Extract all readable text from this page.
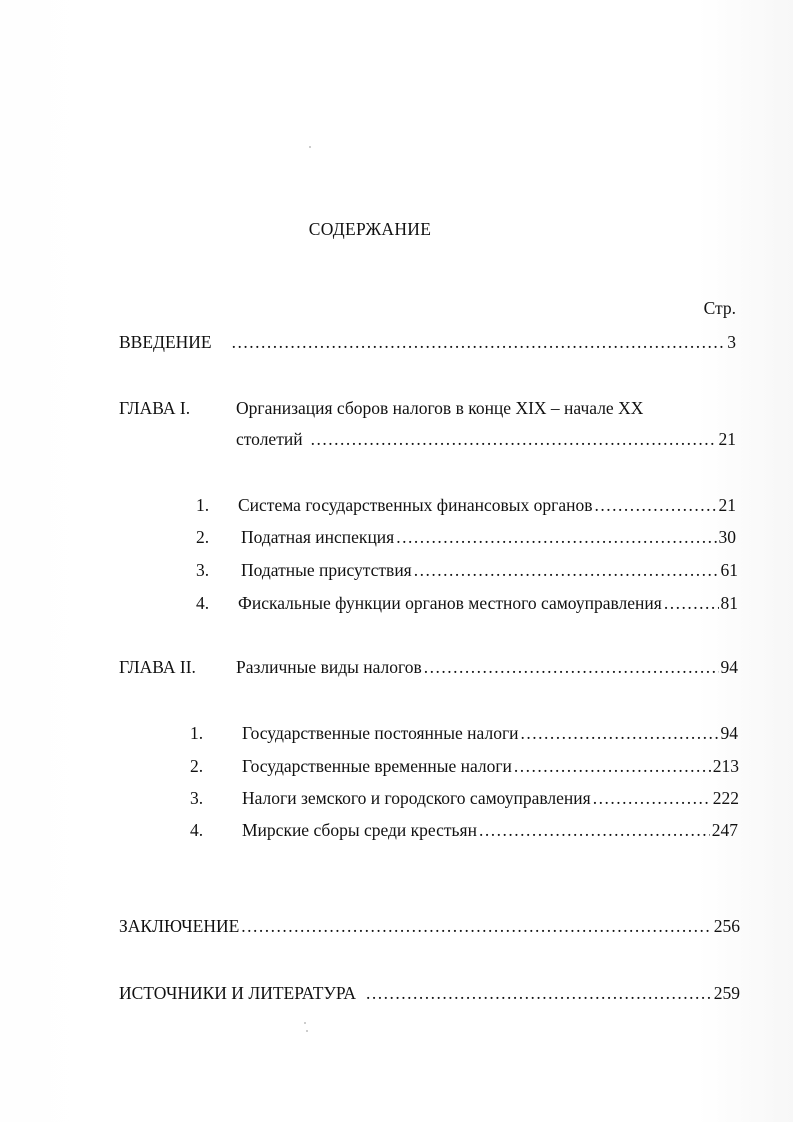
СОДЕРЖАНИЕ
Стр.
ВВЕДЕНИЕ .....	3
ГЛАВА I.	Организация сборов налогов в конце XIX – начале XX
столетий .....	21
1. Система государственных финансовых органов .....	21
2. Податная инспекция .....	30
3. Податные присутствия .....	61
4. Фискальные функции органов местного самоуправления .....	81
ГЛАВА II. Различные виды налогов .....	94
1. Государственные постоянные налоги .....	94
2. Государственные временные налоги .....	213
3. Налоги земского и городского самоуправления .....	222
4. Мирские сборы среди крестьян .....	247
ЗАКЛЮЧЕНИЕ .....	256
ИСТОЧНИКИ И ЛИТЕРАТУРА .....	259
